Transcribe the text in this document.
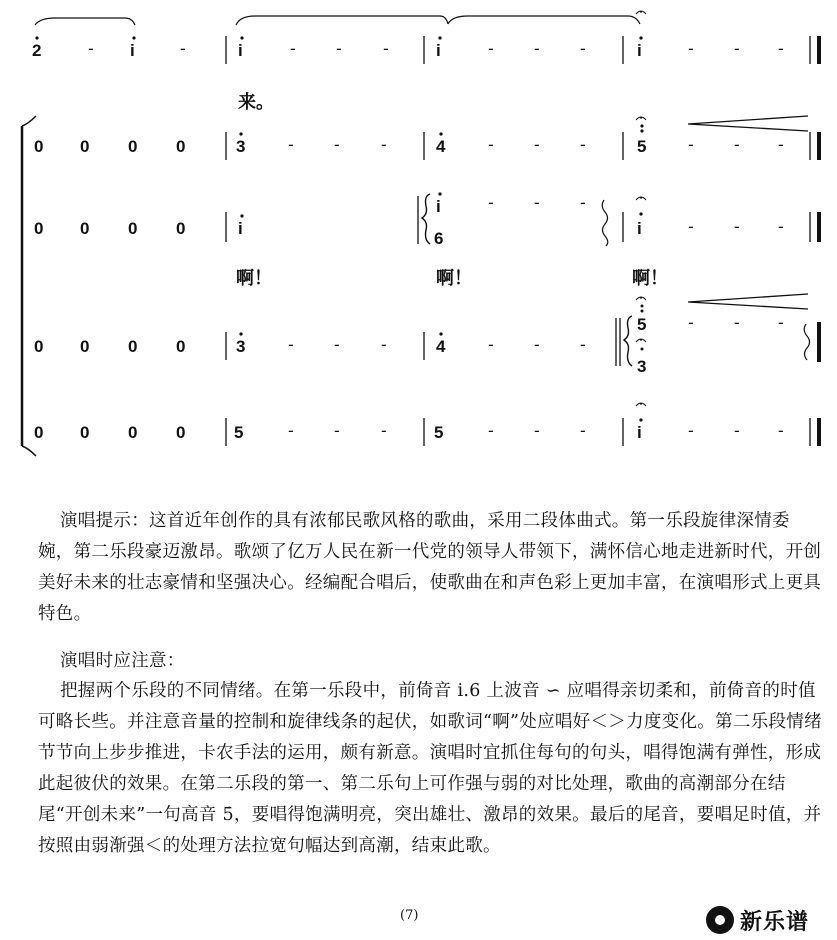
2	- i	-	i	- - -	i	- - -	i	- - -
来。
0 0 0 0	3	- - -	4	- - -	5 - - -
0 0 0 0	i
i
6
- - -
i	- - -
啊！	啊！	啊！
0 0 0 0	3	- - -	4	- - -
5
3
- - -
0 0 0 0	5	- - -	5	- - -	i	- - -

演唱提示：这首近年创作的具有浓郁民歌风格的歌曲，采用二段体曲式。第一乐段旋律深情委婉，第二乐段豪迈激昂。歌颂了亿万人民在新一代党的领导人带领下，满怀信心地走进新时代，开创美好未来的壮志豪情和坚强决心。经编配合唱后，使歌曲在和声色彩上更加丰富，在演唱形式上更具特色。

演唱时应注意：

把握两个乐段的不同情绪。在第一乐段中，前倚音 i.6 上波音 ∽ 应唱得亲切柔和，前倚音的时值可略长些。并注意音量的控制和旋律线条的起伏，如歌词“啊”处应唱好＜＞力度变化。第二乐段情绪节节向上步步推进，卡农手法的运用，颇有新意。演唱时宜抓住每句的句头，唱得饱满有弹性，形成此起彼伏的效果。在第二乐段的第一、第二乐句上可作强与弱的对比处理，歌曲的高潮部分在结尾“开创未来”一句高音 5̇，要唱得饱满明亮，突出雄壮、激昂的效果。最后的尾音，要唱足时值，并按照由弱渐强＜的处理方法拉宽句幅达到高潮，结束此歌。

(7)	新乐谱
